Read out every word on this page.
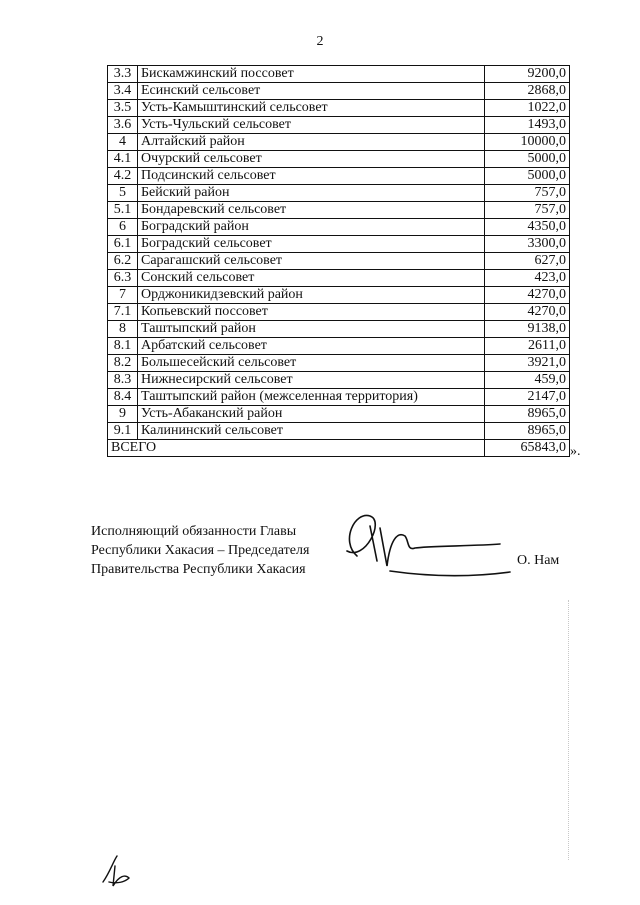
2
3.3	Бискамжинский поссовет	9200,0
3.4	Есинский сельсовет	2868,0
3.5	Усть-Камыштинский сельсовет	1022,0
3.6	Усть-Чульский сельсовет	1493,0
4	Алтайский район	10000,0
4.1	Очурский сельсовет	5000,0
4.2	Подсинский сельсовет	5000,0
5	Бейский район	757,0
5.1	Бондаревский сельсовет	757,0
6	Боградский район	4350,0
6.1	Боградский сельсовет	3300,0
6.2	Сарагашский сельсовет	627,0
6.3	Сонский сельсовет	423,0
7	Орджоникидзевский район	4270,0
7.1	Копьевский поссовет	4270,0
8	Таштыпский район	9138,0
8.1	Арбатский сельсовет	2611,0
8.2	Большесейский сельсовет	3921,0
8.3	Нижнесирский сельсовет	459,0
8.4	Таштыпский район (межселенная территория)	2147,0
9	Усть-Абаканский район	8965,0
9.1	Калининский сельсовет	8965,0
ВСЕГО		65843,0 ».
Исполняющий обязанности Главы
Республики Хакасия – Председателя
Правительства Республики Хакасия
О. Нам
